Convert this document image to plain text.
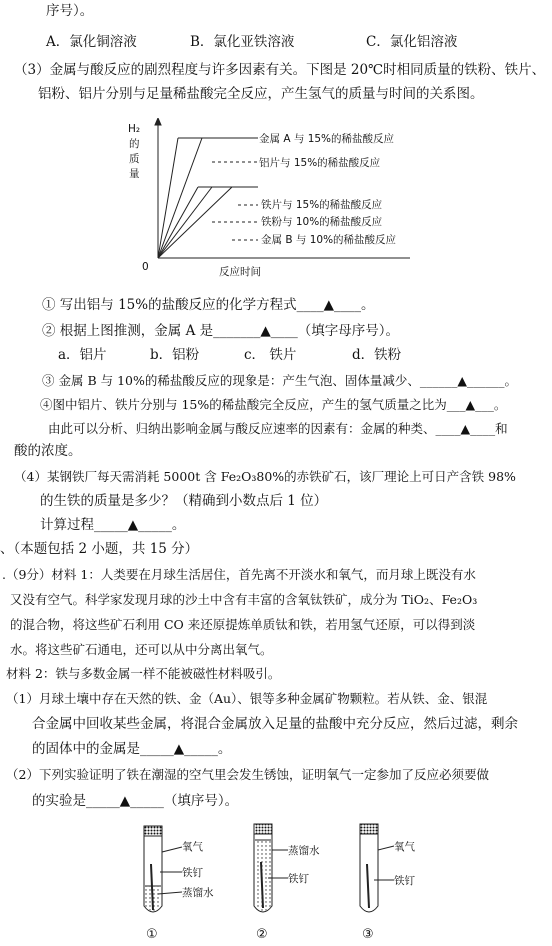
序号）。
A．氯化铜溶液	B．氯化亚铁溶液	C．氯化铝溶液
（3）金属与酸反应的剧烈程度与许多因素有关。下图是 20℃时相同质量的铁粉、铁片、
铝粉、铝片分别与足量稀盐酸完全反应，产生氢气的质量与时间的关系图。
H₂
的
质
量
0	反应时间
金属 A 与 15%的稀盐酸反应
铝片与 15%的稀盐酸反应
铁片与 15%的稀盐酸反应
铁粉与 10%的稀盐酸反应
金属 B 与 10%的稀盐酸反应
① 写出铝与 15%的盐酸反应的化学方程式____▲____。
② 根据上图推测，金属 A 是_______▲____（填字母序号）。
a．铝片	b．铝粉	c． 铁片	d．铁粉
③ 金属 B 与 10%的稀盐酸反应的现象是：产生气泡、固体量减少、______▲______。
④图中铝片、铁片分别与 15%的稀盐酸完全反应，产生的氢气质量之比为___▲___。
由此可以分析、归纳出影响金属与酸反应速率的因素有：金属的种类、____▲____和
酸的浓度。
（4）某钢铁厂每天需消耗 5000t 含 Fe₂O₃80%的赤铁矿石，该厂理论上可日产含铁 98%
的生铁的质量是多少？（精确到小数点后 1 位）
计算过程_____▲_____。
、（本题包括 2 小题，共 15 分）
.（9分）材料 1：人类要在月球生活居住，首先离不开淡水和氧气，而月球上既没有水
又没有空气。科学家发现月球的沙土中含有丰富的含氧钛铁矿，成分为 TiO₂、Fe₂O₃
的混合物，将这些矿石利用 CO 来还原提炼单质钛和铁，若用氢气还原，可以得到淡
水。将这些矿石通电，还可以从中分离出氧气。
材料 2：铁与多数金属一样不能被磁性材料吸引。
（1）月球土壤中存在天然的铁、金（Au）、银等多种金属矿物颗粒。若从铁、金、银混
合金属中回收某些金属，将混合金属放入足量的盐酸中充分反应，然后过滤，剩余
的固体中的金属是_____▲_____。
（2）下列实验证明了铁在潮湿的空气里会发生锈蚀，证明氧气一定参加了反应必须要做
的实验是_____▲_____（填序号）。
氧气
铁钉
蒸馏水
蒸馏水
铁钉
氧气
铁钉
①	②	③
